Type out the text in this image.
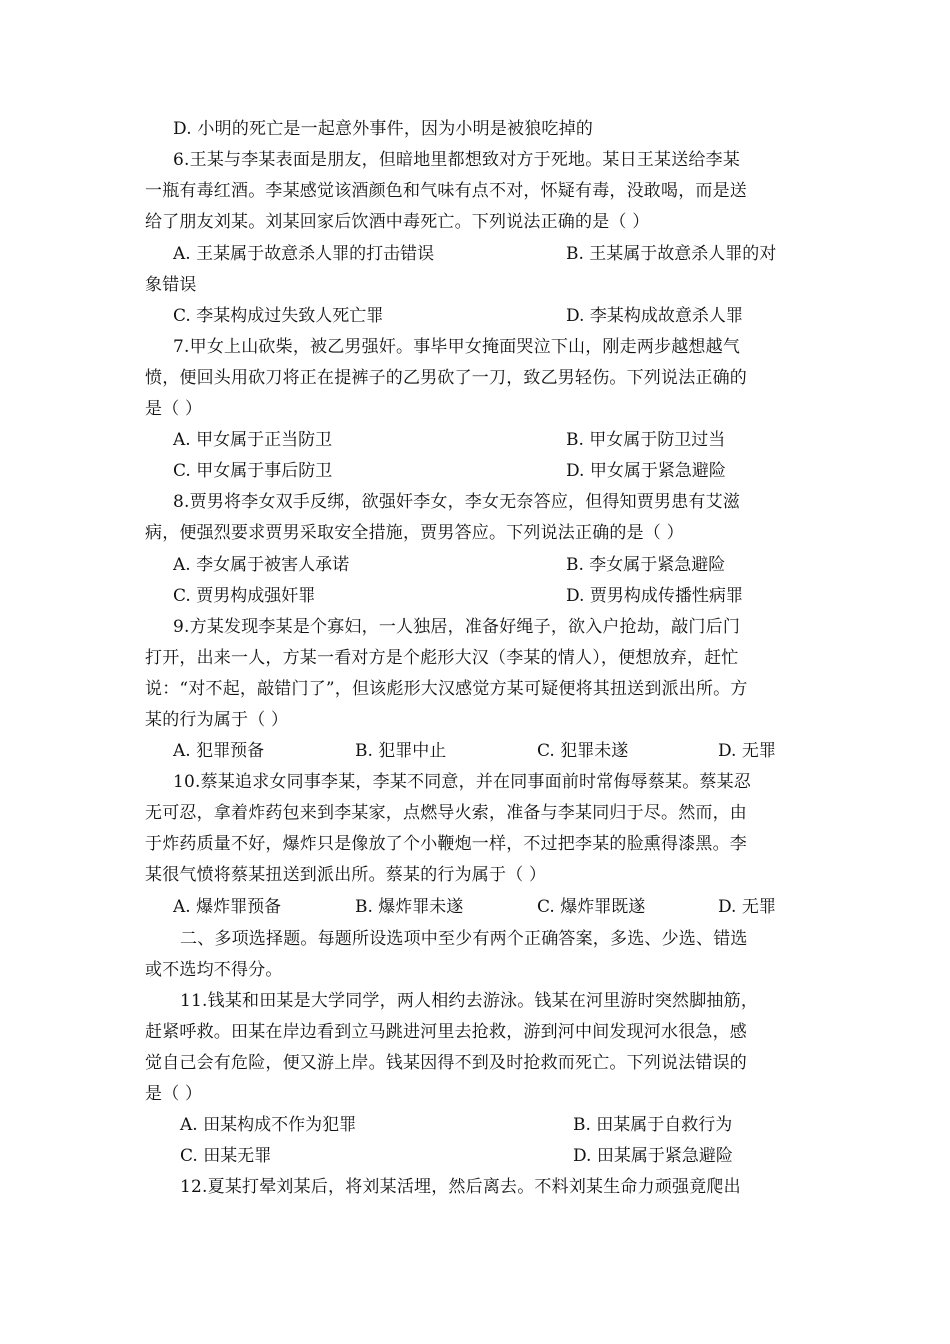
D. 小明的死亡是一起意外事件，因为小明是被狼吃掉的
6.王某与李某表面是朋友，但暗地里都想致对方于死地。某日王某送给李某
一瓶有毒红酒。李某感觉该酒颜色和气味有点不对，怀疑有毒，没敢喝，而是送
给了朋友刘某。刘某回家后饮酒中毒死亡。下列说法正确的是（ ）
A. 王某属于故意杀人罪的打击错误	B. 王某属于故意杀人罪的对
象错误
C. 李某构成过失致人死亡罪	D. 李某构成故意杀人罪
7.甲女上山砍柴，被乙男强奸。事毕甲女掩面哭泣下山，刚走两步越想越气
愤，便回头用砍刀将正在提裤子的乙男砍了一刀，致乙男轻伤。下列说法正确的
是（ ）
A. 甲女属于正当防卫	B. 甲女属于防卫过当
C. 甲女属于事后防卫	D. 甲女属于紧急避险
8.贾男将李女双手反绑，欲强奸李女，李女无奈答应，但得知贾男患有艾滋
病，便强烈要求贾男采取安全措施，贾男答应。下列说法正确的是（ ）
A. 李女属于被害人承诺	B. 李女属于紧急避险
C. 贾男构成强奸罪	D. 贾男构成传播性病罪
9.方某发现李某是个寡妇，一人独居，准备好绳子，欲入户抢劫，敲门后门
打开，出来一人，方某一看对方是个彪形大汉（李某的情人），便想放弃，赶忙
说：“对不起，敲错门了”，但该彪形大汉感觉方某可疑便将其扭送到派出所。方
某的行为属于（ ）
A. 犯罪预备	B. 犯罪中止	C. 犯罪未遂	D. 无罪
10.蔡某追求女同事李某，李某不同意，并在同事面前时常侮辱蔡某。蔡某忍
无可忍，拿着炸药包来到李某家，点燃导火索，准备与李某同归于尽。然而，由
于炸药质量不好，爆炸只是像放了个小鞭炮一样，不过把李某的脸熏得漆黑。李
某很气愤将蔡某扭送到派出所。蔡某的行为属于（ ）
A. 爆炸罪预备	B. 爆炸罪未遂	C. 爆炸罪既遂	D. 无罪
二、多项选择题。每题所设选项中至少有两个正确答案，多选、少选、错选
或不选均不得分。
11.钱某和田某是大学同学，两人相约去游泳。钱某在河里游时突然脚抽筋，
赶紧呼救。田某在岸边看到立马跳进河里去抢救，游到河中间发现河水很急，感
觉自己会有危险，便又游上岸。钱某因得不到及时抢救而死亡。下列说法错误的
是（ ）
A. 田某构成不作为犯罪	B. 田某属于自救行为
C. 田某无罪	D. 田某属于紧急避险
12.夏某打晕刘某后，将刘某活埋，然后离去。不料刘某生命力顽强竟爬出
